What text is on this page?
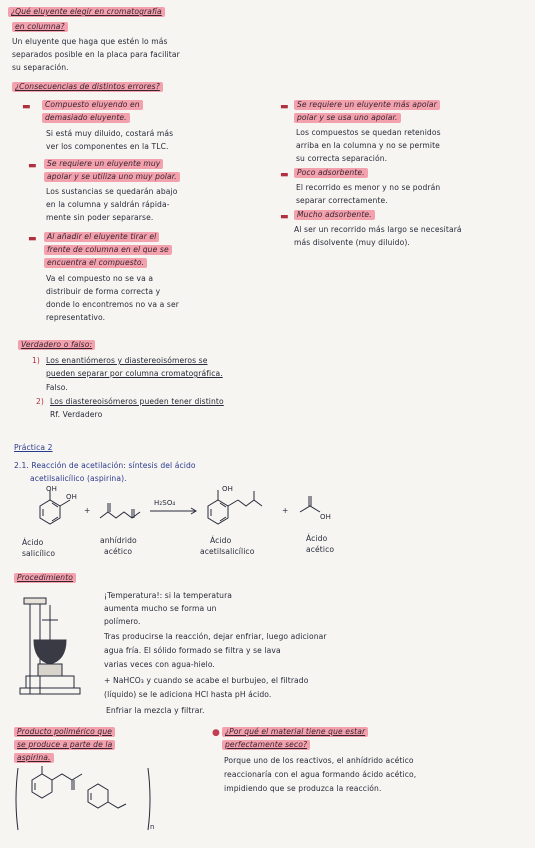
¿Qué eluyente elegir en cromatografía
en columna?
Un eluyente que haga que estén lo más
separados posible en la placa para facilitar
su separación.
¿Consecuencias de distintos errores?
▬	Compuesto eluyendo en
demasiado eluyente.
Si está muy diluido, costará más
ver los componentes en la TLC.
▬	Se requiere un eluyente muy
apolar y se utiliza uno muy polar.
Los sustancias se quedarán abajo
en la columna y saldrán rápida-
mente sin poder separarse.
▬	Al añadir el eluyente tirar el
frente de columna en el que se
encuentra el compuesto.
Va el compuesto no se va a
distribuir de forma correcta y
donde lo encontremos no va a ser
representativo.
▬	Se requiere un eluyente más apolar
polar y se usa uno apolar.
Los compuestos se quedan retenidos
arriba en la columna y no se permite
su correcta separación.
▬	Poco adsorbente.
El recorrido es menor y no se podrán
separar correctamente.
▬	Mucho adsorbente.
Al ser un recorrido más largo se necesitará
más disolvente (muy diluido).
Verdadero o falso:
1) Los enantiómeros y diastereoisómeros se
pueden separar por columna cromatográfica.
Falso.
2) Los diastereoisómeros pueden tener distinto
Rf. Verdadero
Práctica 2
2.1. Reacción de acetilación: síntesis del ácido
acetilsalicílico (aspirina).
+
H₂SO₄
+
OH
OH
OH
OH
Ácido
salicílico
anhídrido
acético
Ácido
acetilsalicílico
Ácido
acético
Procedimiento
¡Temperatura!: si la temperatura
aumenta mucho se forma un
polímero.
Tras producirse la reacción, dejar enfriar, luego adicionar
agua fría. El sólido formado se filtra y se lava
varias veces con agua-hielo.
+ NaHCO₃ y cuando se acabe el burbujeo, el filtrado
(líquido) se le adiciona HCl hasta pH ácido.
Enfriar la mezcla y filtrar.
Producto polimérico que
se produce a parte de la
aspirina.
n
● ¿Por qué el material tiene que estar
perfectamente seco?
Porque uno de los reactivos, el anhídrido acético
reaccionaría con el agua formando ácido acético,
impidiendo que se produzca la reacción.
